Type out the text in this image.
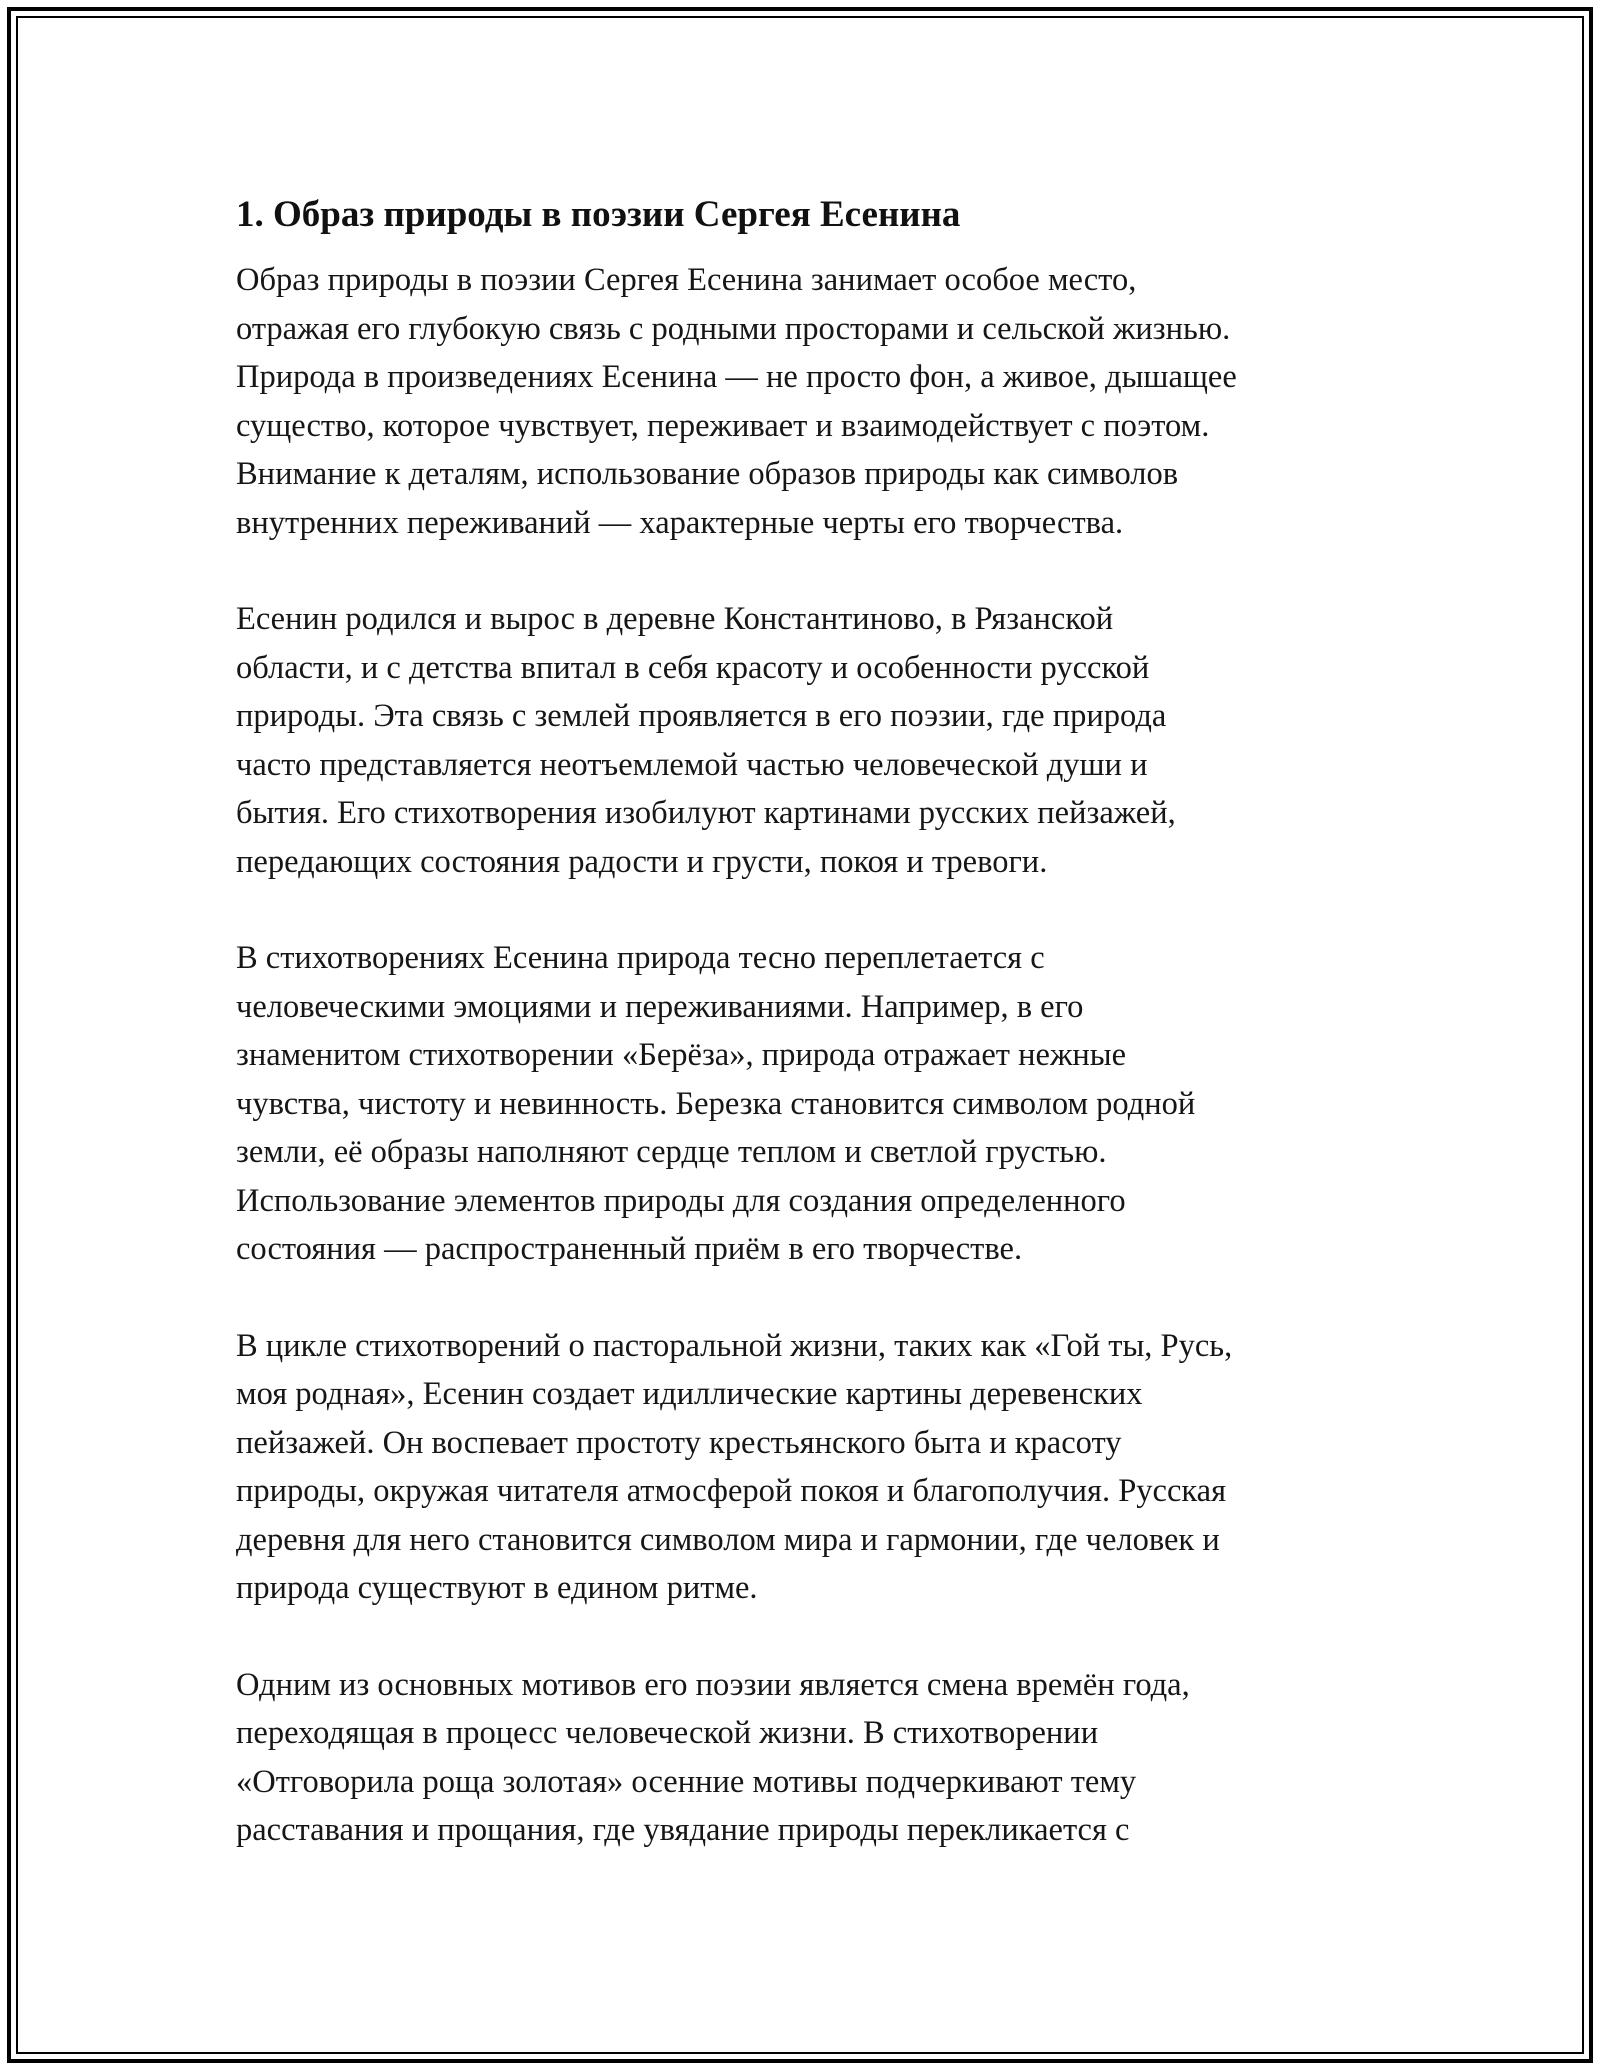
1. Образ природы в поэзии Сергея Есенина
Образ природы в поэзии Сергея Есенина занимает особое место,
отражая его глубокую связь с родными просторами и сельской жизнью.
Природа в произведениях Есенина — не просто фон, а живое, дышащее
существо, которое чувствует, переживает и взаимодействует с поэтом.
Внимание к деталям, использование образов природы как символов
внутренних переживаний — характерные черты его творчества.
Есенин родился и вырос в деревне Константиново, в Рязанской
области, и с детства впитал в себя красоту и особенности русской
природы. Эта связь с землей проявляется в его поэзии, где природа
часто представляется неотъемлемой частью человеческой души и
бытия. Его стихотворения изобилуют картинами русских пейзажей,
передающих состояния радости и грусти, покоя и тревоги.
В стихотворениях Есенина природа тесно переплетается с
человеческими эмоциями и переживаниями. Например, в его
знаменитом стихотворении «Берёза», природа отражает нежные
чувства, чистоту и невинность. Березка становится символом родной
земли, её образы наполняют сердце теплом и светлой грустью.
Использование элементов природы для создания определенного
состояния — распространенный приём в его творчестве.
В цикле стихотворений о пасторальной жизни, таких как «Гой ты, Русь,
моя родная», Есенин создает идиллические картины деревенских
пейзажей. Он воспевает простоту крестьянского быта и красоту
природы, окружая читателя атмосферой покоя и благополучия. Русская
деревня для него становится символом мира и гармонии, где человек и
природа существуют в едином ритме.
Одним из основных мотивов его поэзии является смена времён года,
переходящая в процесс человеческой жизни. В стихотворении
«Отговорила роща золотая» осенние мотивы подчеркивают тему
расставания и прощания, где увядание природы перекликается с
